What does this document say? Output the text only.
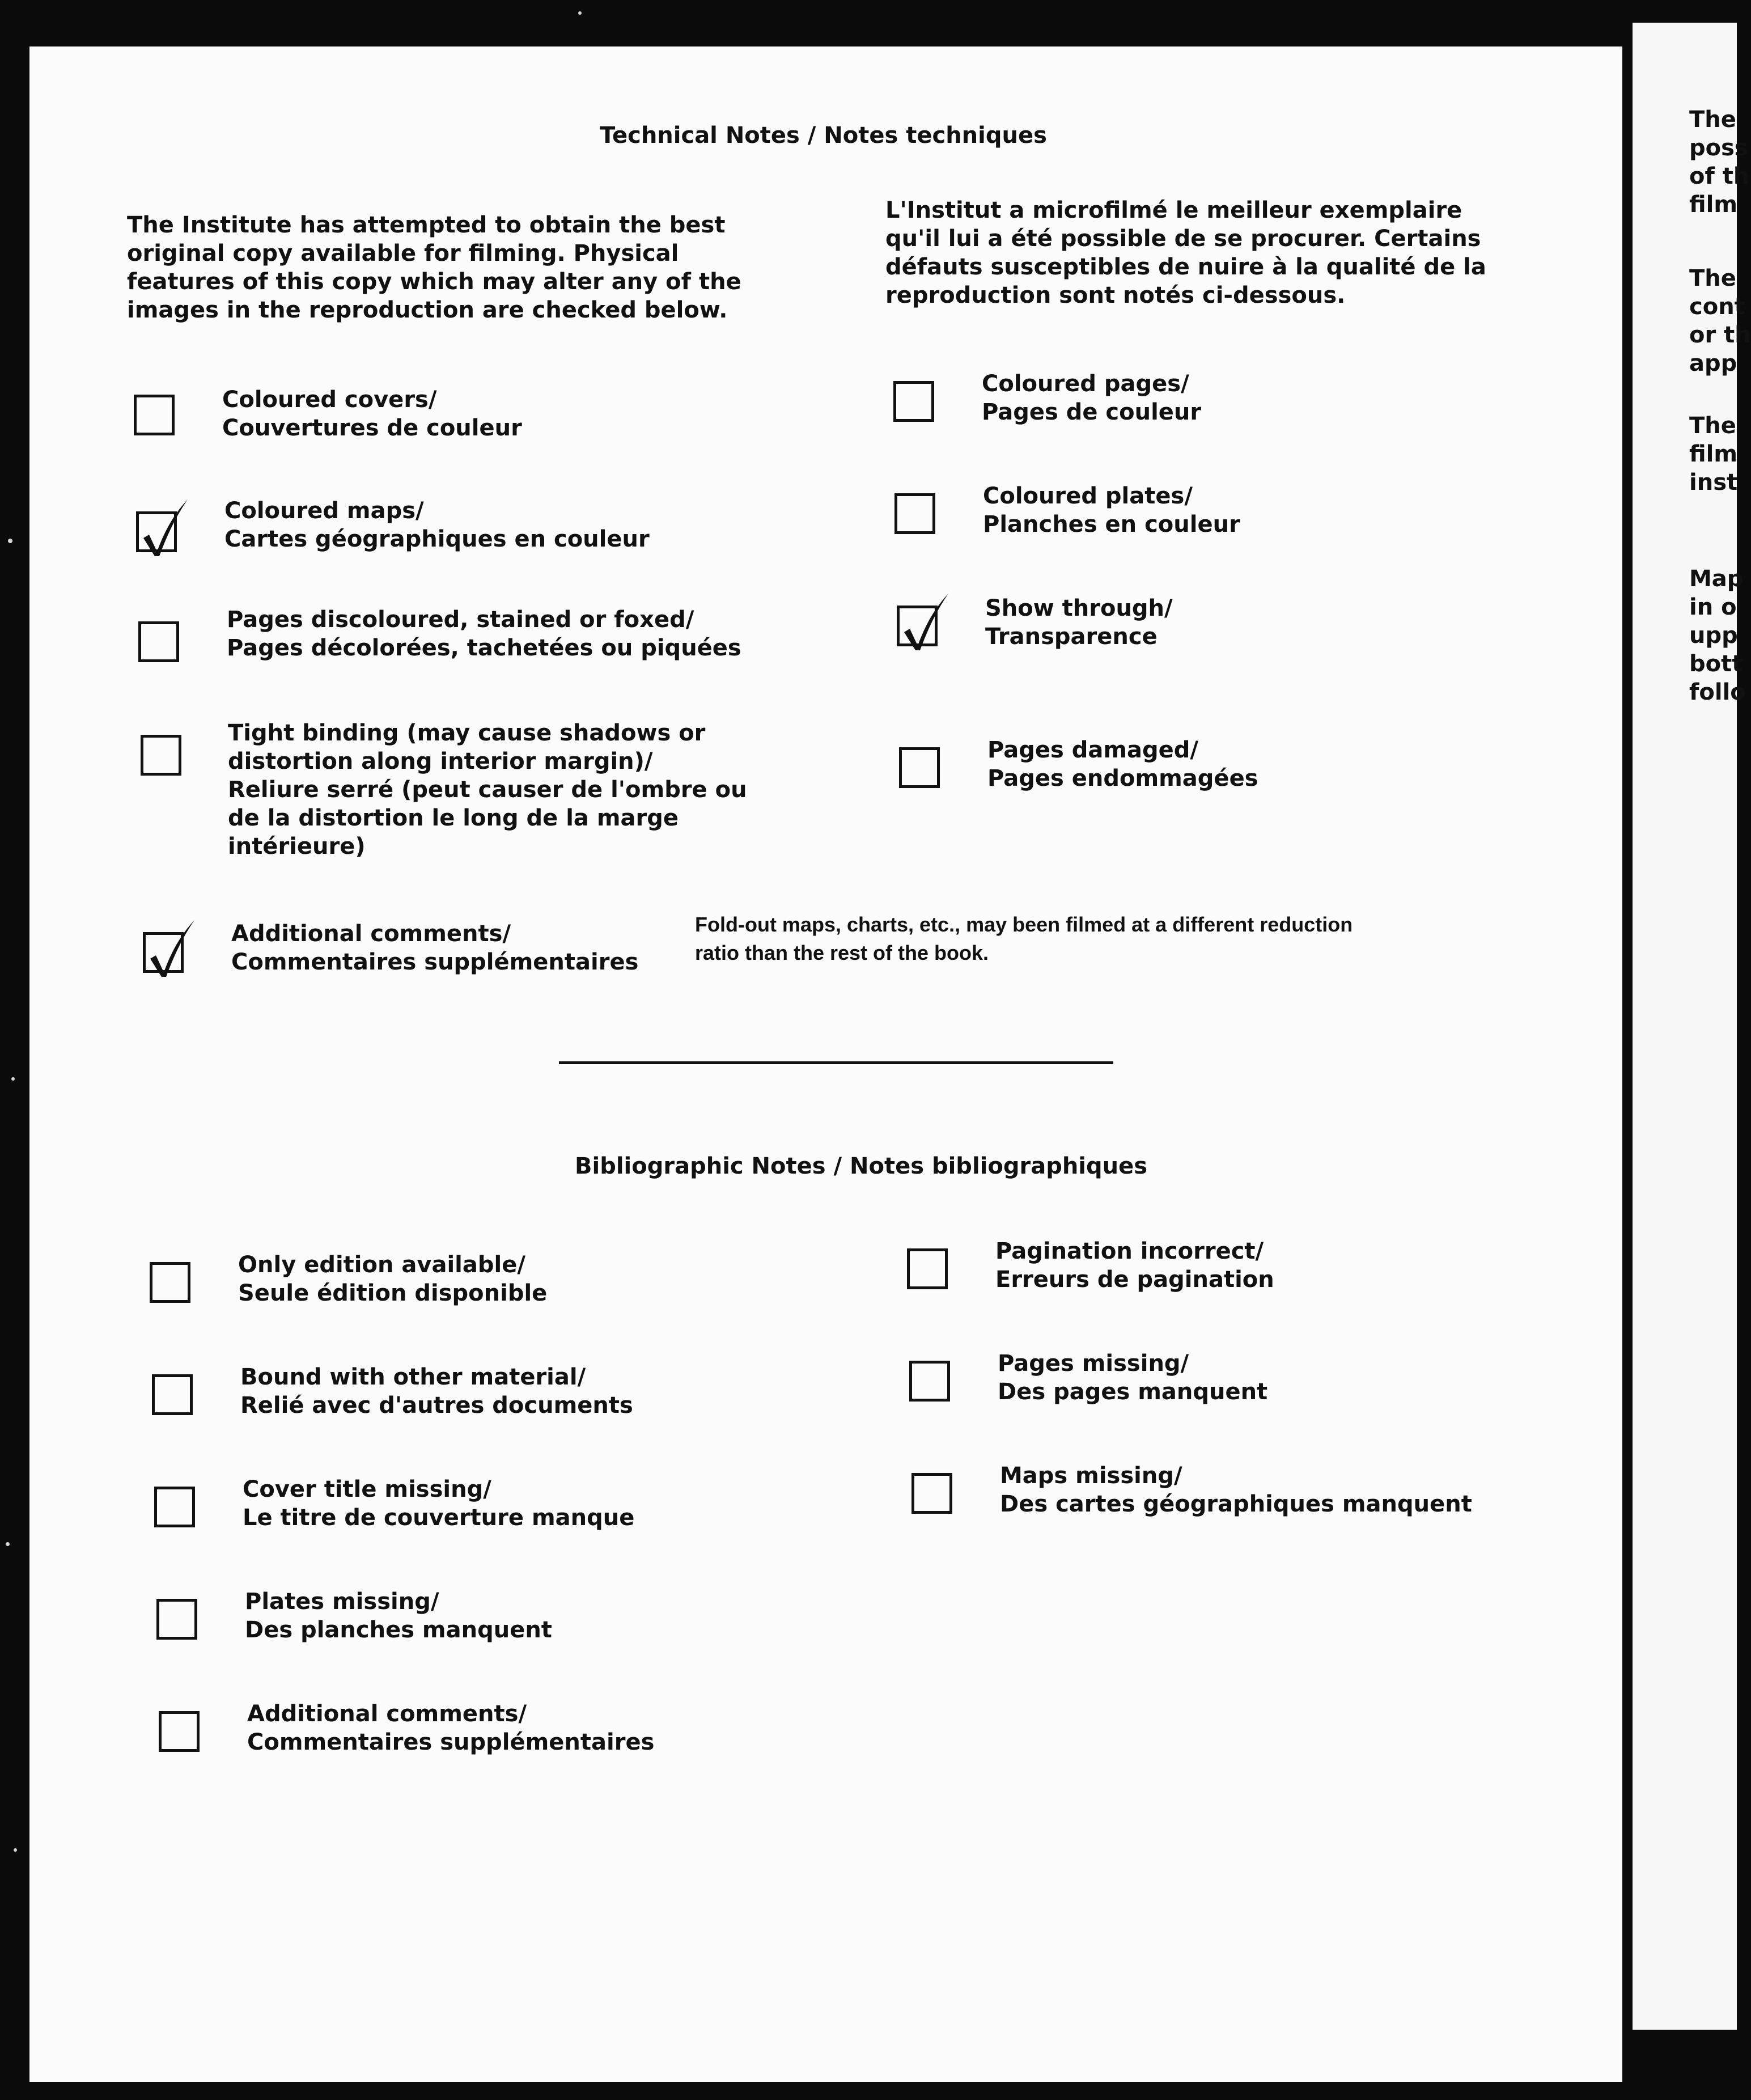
Technical Notes / Notes techniques
The Institute has attempted to obtain the best
original copy available for filming. Physical
features of this copy which may alter any of the
images in the reproduction are checked below.
L'Institut a microfilmé le meilleur exemplaire
qu'il lui a été possible de se procurer. Certains
défauts susceptibles de nuire à la qualité de la
reproduction sont notés ci-dessous.
Coloured covers/
Couvertures de couleur
Coloured maps/
Cartes géographiques en couleur
Pages discoloured, stained or foxed/
Pages décolorées, tachetées ou piquées
Tight binding (may cause shadows or
distortion along interior margin)/
Reliure serré (peut causer de l'ombre ou
de la distortion le long de la marge
intérieure)
Additional comments/
Commentaires supplémentaires
Fold-out maps, charts, etc., may been filmed at a different reduction
ratio than the rest of the book.
Coloured pages/
Pages de couleur
Coloured plates/
Planches en couleur
Show through/
Transparence
Pages damaged/
Pages endommagées
Bibliographic Notes / Notes bibliographiques
Only edition available/
Seule édition disponible
Bound with other material/
Relié avec d'autres documents
Cover title missing/
Le titre de couverture manque
Plates missing/
Des planches manquent
Additional comments/
Commentaires supplémentaires
Pagination incorrect/
Erreurs de pagination
Pages missing/
Des pages manquent
Maps missing/
Des cartes géographiques manquent
The
poss
of th
film
The
cont
or th
app
The
film
inst
Map
in o
upp
bott
follo
